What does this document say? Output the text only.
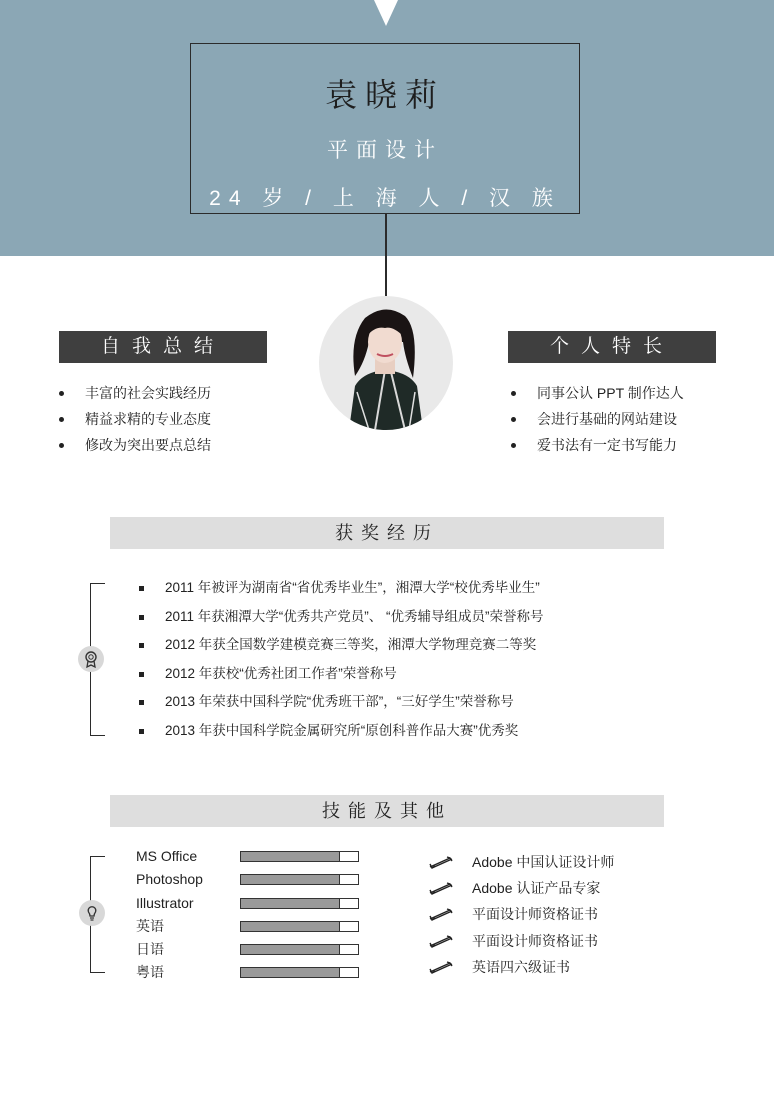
袁晓莉
平面设计
24 岁 / 上 海 人 / 汉 族
自我总结
丰富的社会实践经历
精益求精的专业态度
修改为突出要点总结
个人特长
同事公认 PPT 制作达人
会进行基础的网站建设
爱书法有一定书写能力
获奖经历
2011 年被评为湖南省“省优秀毕业生”，湘潭大学“校优秀毕业生”
2011 年获湘潭大学“优秀共产党员”、 “优秀辅导组成员”荣誉称号
2012 年获全国数学建模竞赛三等奖，湘潭大学物理竞赛二等奖
2012 年获校“优秀社团工作者”荣誉称号
2013 年荣获中国科学院“优秀班干部”，“三好学生”荣誉称号
2013 年获中国科学院金属研究所“原创科普作品大赛”优秀奖
技能及其他
MS Office
Photoshop
Illustrator
英语
日语
粤语
Adobe 中国认证设计师
Adobe 认证产品专家
平面设计师资格证书
平面设计师资格证书
英语四六级证书
